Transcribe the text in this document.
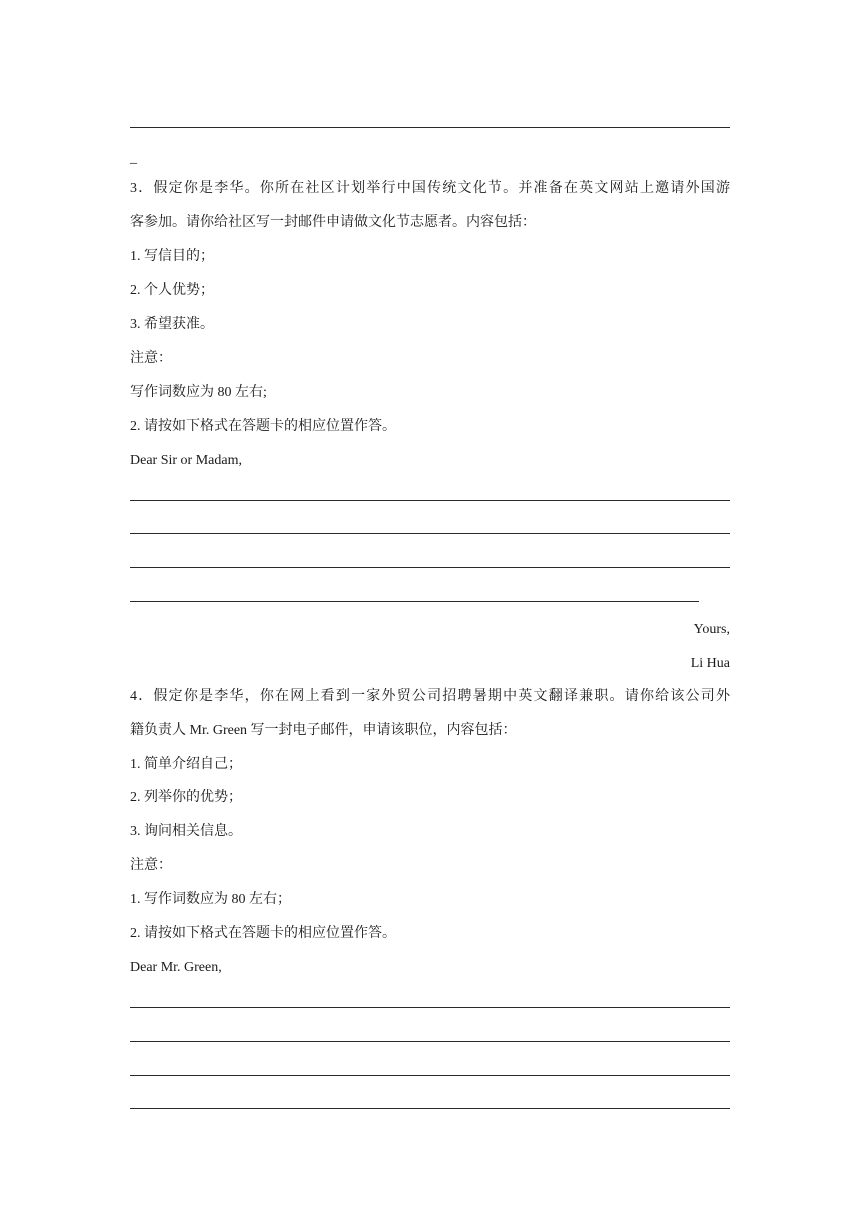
_
3．假定你是李华。你所在社区计划举行中国传统文化节。并准备在英文网站上邀请外国游
客参加。请你给社区写一封邮件申请做文化节志愿者。内容包括：
1. 写信目的；
2. 个人优势；
3. 希望获准。
注意：
写作词数应为 80 左右;
2. 请按如下格式在答题卡的相应位置作答。
Dear Sir or Madam,
Yours,
Li Hua
4．假定你是李华，你在网上看到一家外贸公司招聘暑期中英文翻译兼职。请你给该公司外
籍负责人 Mr. Green 写一封电子邮件，申请该职位，内容包括：
1. 简单介绍自己；
2. 列举你的优势；
3. 询问相关信息。
注意：
1. 写作词数应为 80 左右；
2. 请按如下格式在答题卡的相应位置作答。
Dear Mr. Green,
